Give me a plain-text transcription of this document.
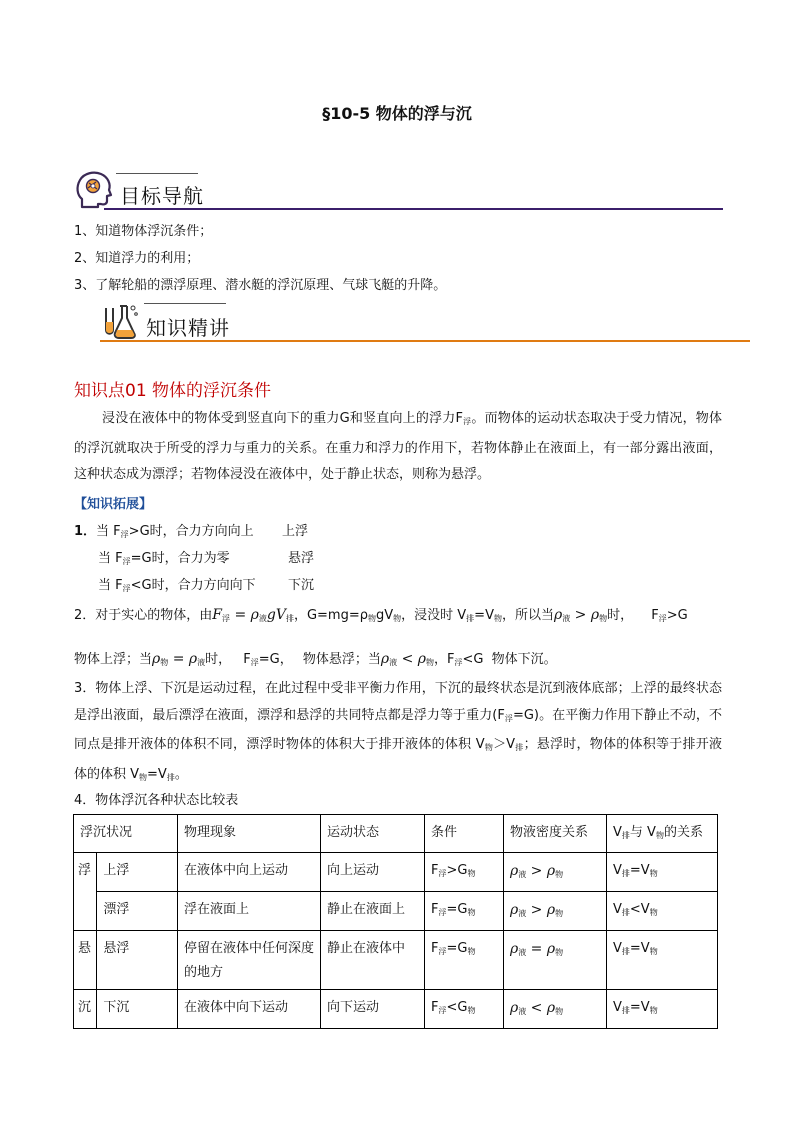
§10-5 物体的浮与沉
目标导航
1、知道物体浮沉条件；
2、知道浮力的利用；
3、了解轮船的漂浮原理、潜水艇的浮沉原理、气球飞艇的升降。
知识精讲
知识点01 物体的浮沉条件
浸没在液体中的物体受到竖直向下的重力G和竖直向上的浮力$F_浮$。而物体的运动状态取决于受力情况，物体的浮沉就取决于所受的浮力与重力的关系。在重力和浮力的作用下，若物体静止在液面上，有一部分露出液面，这种状态成为漂浮；若物体浸没在液体中，处于静止状态，则称为悬浮。
【知识拓展】
1．当 $F_浮>G$时，合力方向向上 上浮
当 $F_浮=G$时，合力为零	悬浮
当 $F_浮<G$时，合力方向向下 下沉
2．对于实心的物体，由$F_浮 = \rho_液gV_排$，$G=mg=\rho_物gV_物$，浸没时 $V_排=V_物$，所以当$\rho_液 > \rho_物$时， $F_浮>G$
物体上浮；当$\rho_物 = \rho_液$时， $F_浮=G$， 物体悬浮；当$\rho_液 < \rho_物$，$F_浮<G$ 物体下沉。
3．物体上浮、下沉是运动过程，在此过程中受非平衡力作用，下沉的最终状态是沉到液体底部；上浮的最终状态是浮出液面，最后漂浮在液面，漂浮和悬浮的共同特点都是浮力等于重力$(F_浮=G)$。在平衡力作用下静止不动，不同点是排开液体的体积不同，漂浮时物体的体积大于排开液体的体积 $V_物>V_排$；悬浮时，物体的体积等于排开液体的体积 $V_物=V_排$。
4．物体浮沉各种状态比较表
浮沉状况		物理现象	运动状态	条件	物液密度关系	$V_排$与 $V_物$的关系
浮	上浮	在液体中向上运动	向上运动	$F_浮>G_物$	$\rho_液 > \rho_物$	$V_排=V_物$
	漂浮	浮在液面上	静止在液面上	$F_浮=G_物$	$\rho_液 > \rho_物$	$V_排<V_物$
悬	悬浮	停留在液体中任何深度的地方	静止在液体中	$F_浮=G_物$	$\rho_液 = \rho_物$	$V_排=V_物$
沉	下沉	在液体中向下运动	向下运动	$F_浮<G_物$	$\rho_液 < \rho_物$	$V_排=V_物$
